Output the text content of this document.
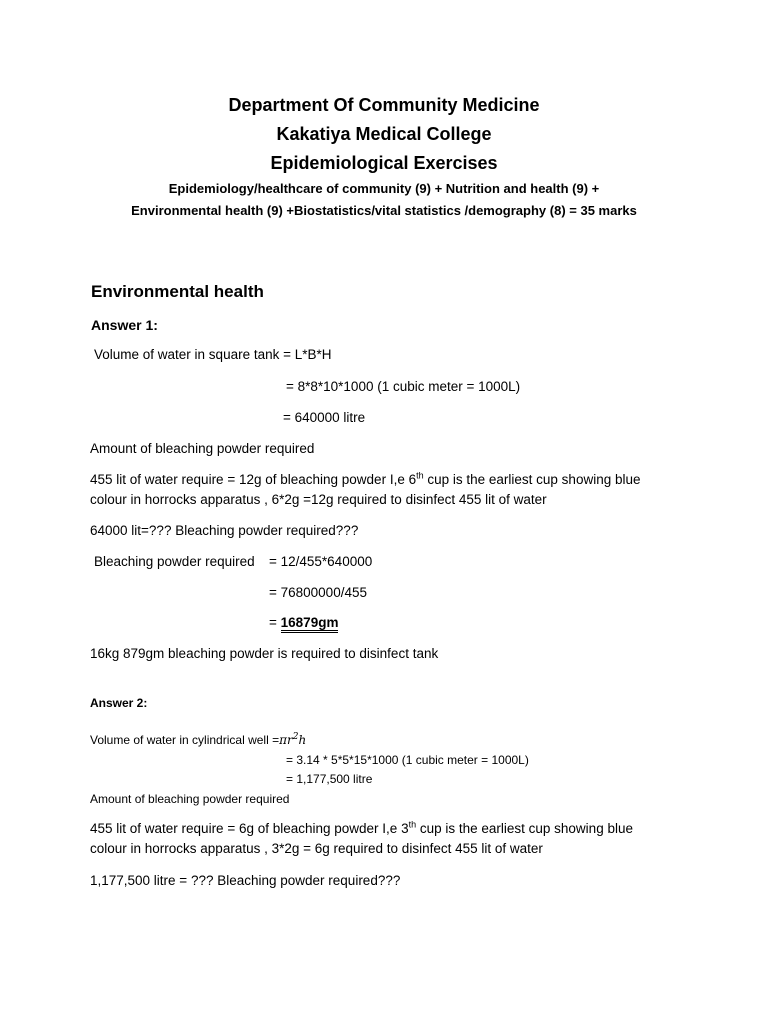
Department Of Community Medicine
Kakatiya Medical College
Epidemiological Exercises
Epidemiology/healthcare of community (9) + Nutrition and health (9) +
Environmental health (9) +Biostatistics/vital statistics /demography (8) = 35 marks
Environmental health
Answer 1:
Volume of water in square tank = L*B*H
= 8*8*10*1000 (1 cubic meter = 1000L)
= 640000 litre
Amount of bleaching powder required
455 lit of water require = 12g of bleaching powder I,e 6th cup is the earliest cup showing blue
colour in horrocks apparatus , 6*2g =12g required to disinfect 455 lit of water
64000 lit=??? Bleaching powder required???
Bleaching powder required = 12/455*640000
= 76800000/455
= 16879gm
16kg 879gm bleaching powder is required to disinfect tank
Answer 2:
Volume of water in cylindrical well $=\pi r^2h$
= 3.14 * 5*5*15*1000 (1 cubic meter = 1000L)
= 1,177,500 litre
Amount of bleaching powder required
455 lit of water require = 6g of bleaching powder I,e 3th cup is the earliest cup showing blue
colour in horrocks apparatus , 3*2g = 6g required to disinfect 455 lit of water
1,177,500 litre = ??? Bleaching powder required???
